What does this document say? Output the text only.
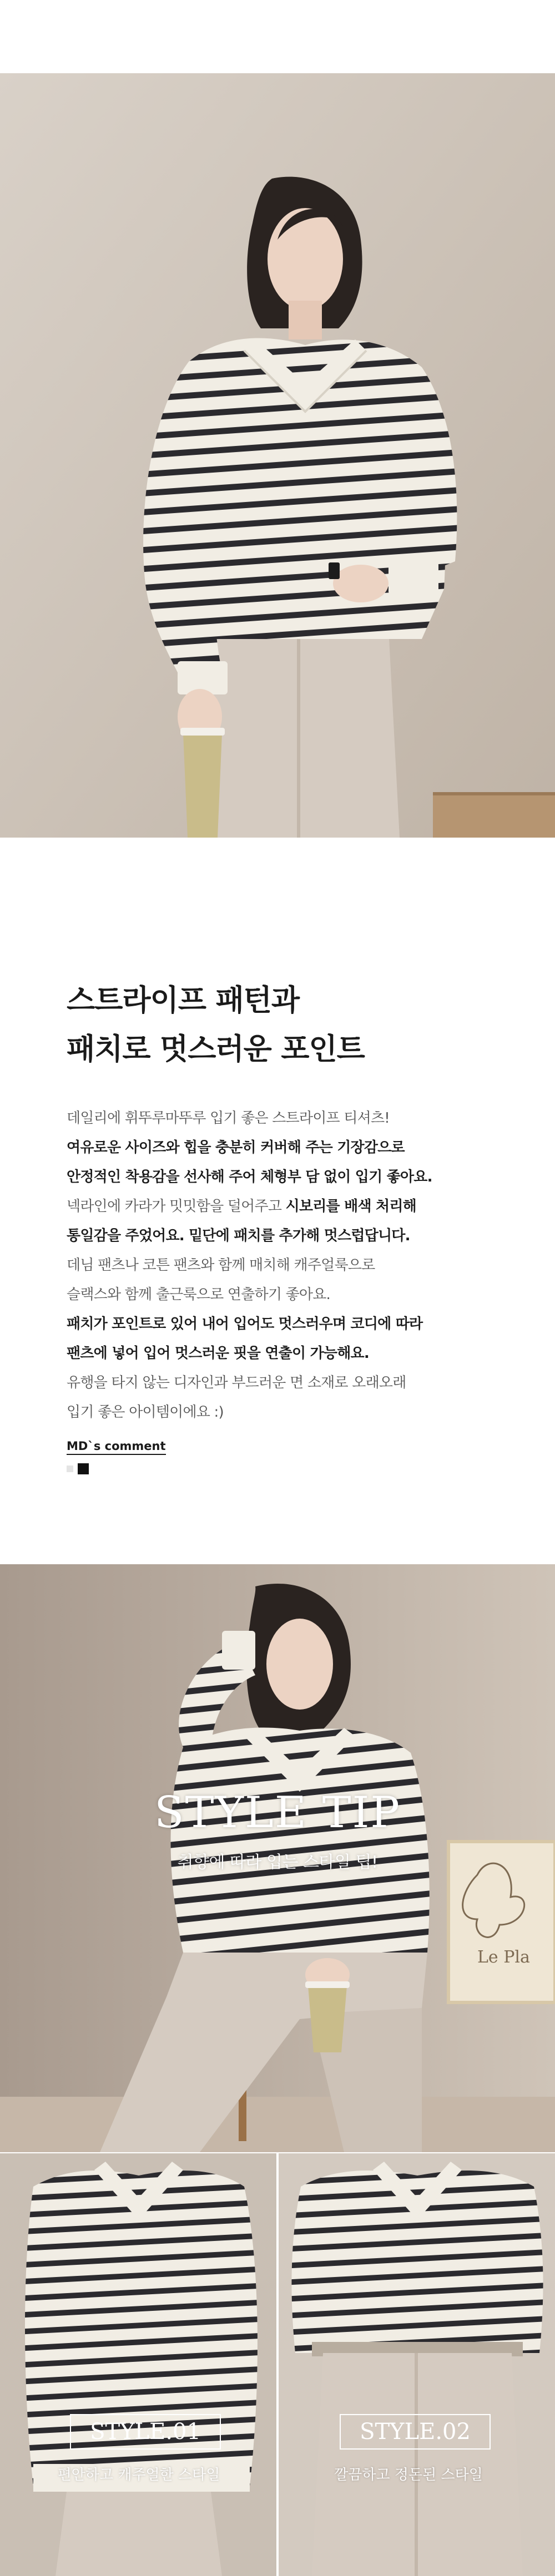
스트라이프 패턴과
패치로 멋스러운 포인트
데일리에 휘뚜루마뚜루 입기 좋은 스트라이프 티셔츠!
여유로운 사이즈와 힙을 충분히 커버해 주는 기장감으로
안정적인 착용감을 선사해 주어 체형부 담 없이 입기 좋아요.
넥라인에 카라가 밋밋함을 덜어주고 시보리를 배색 처리해
통일감을 주었어요. 밑단에 패치를 추가해 멋스럽답니다.
데님 팬츠나 코튼 팬츠와 함께 매치해 캐주얼룩으로
슬랙스와 함께 출근룩으로 연출하기 좋아요.
패치가 포인트로 있어 내어 입어도 멋스러우며 코디에 따라
팬츠에 넣어 입어 멋스러운 핏을 연출이 가능해요.
유행을 타지 않는 디자인과 부드러운 면 소재로 오래오래
입기 좋은 아이템이에요 :)
MD`s comment
Le Pla
STYLE TIP
취향에 따라 입는 스타일 팁!
STYLE.01
편안하고 캐주얼한 스타일
STYLE.02
깔끔하고 정돈된 스타일
